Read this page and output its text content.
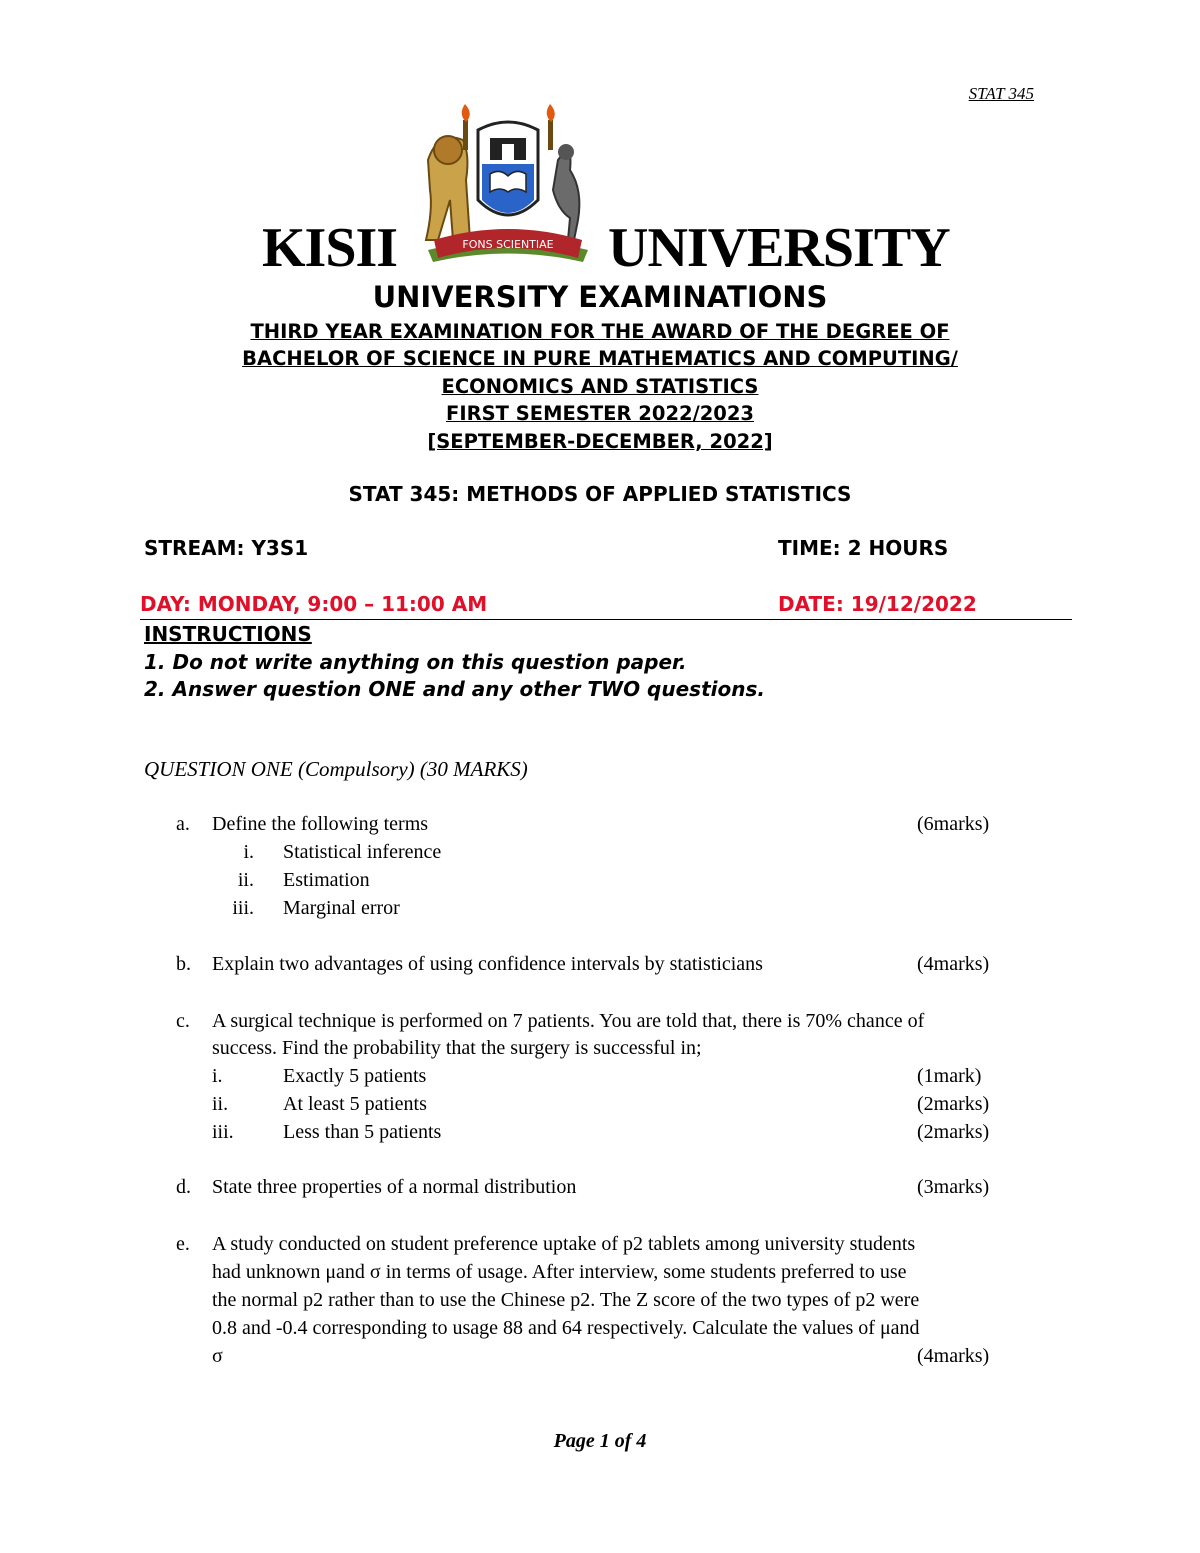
STAT 345
FONS SCIENTIAE
KISII	UNIVERSITY
UNIVERSITY EXAMINATIONS
THIRD YEAR EXAMINATION FOR THE AWARD OF THE DEGREE OF
BACHELOR OF SCIENCE IN PURE MATHEMATICS AND COMPUTING/
ECONOMICS AND STATISTICS
FIRST SEMESTER 2022/2023
[SEPTEMBER-DECEMBER, 2022]
STAT 345: METHODS OF APPLIED STATISTICS
STREAM: Y3S1	TIME: 2 HOURS
DAY: MONDAY, 9:00 – 11:00 AM	DATE: 19/12/2022
INSTRUCTIONS
1. Do not write anything on this question paper.
2. Answer question ONE and any other TWO questions.
QUESTION ONE (Compulsory) (30 MARKS)
a. Define the following terms	(6marks)
i. Statistical inference
ii. Estimation
iii. Marginal error
b. Explain two advantages of using confidence intervals by statisticians	(4marks)
c. A surgical technique is performed on 7 patients. You are told that, there is 70% chance of
success. Find the probability that the surgery is successful in;
i.	Exactly 5 patients	(1mark)
ii.	At least 5 patients	(2marks)
iii. Less than 5 patients	(2marks)
d. State three properties of a normal distribution	(3marks)
e. A study conducted on student preference uptake of p2 tablets among university students
had unknown μand σ in terms of usage. After interview, some students preferred to use
the normal p2 rather than to use the Chinese p2. The Z score of the two types of p2 were
0.8 and -0.4 corresponding to usage 88 and 64 respectively. Calculate the values of μand
σ	(4marks)
Page 1 of 4
